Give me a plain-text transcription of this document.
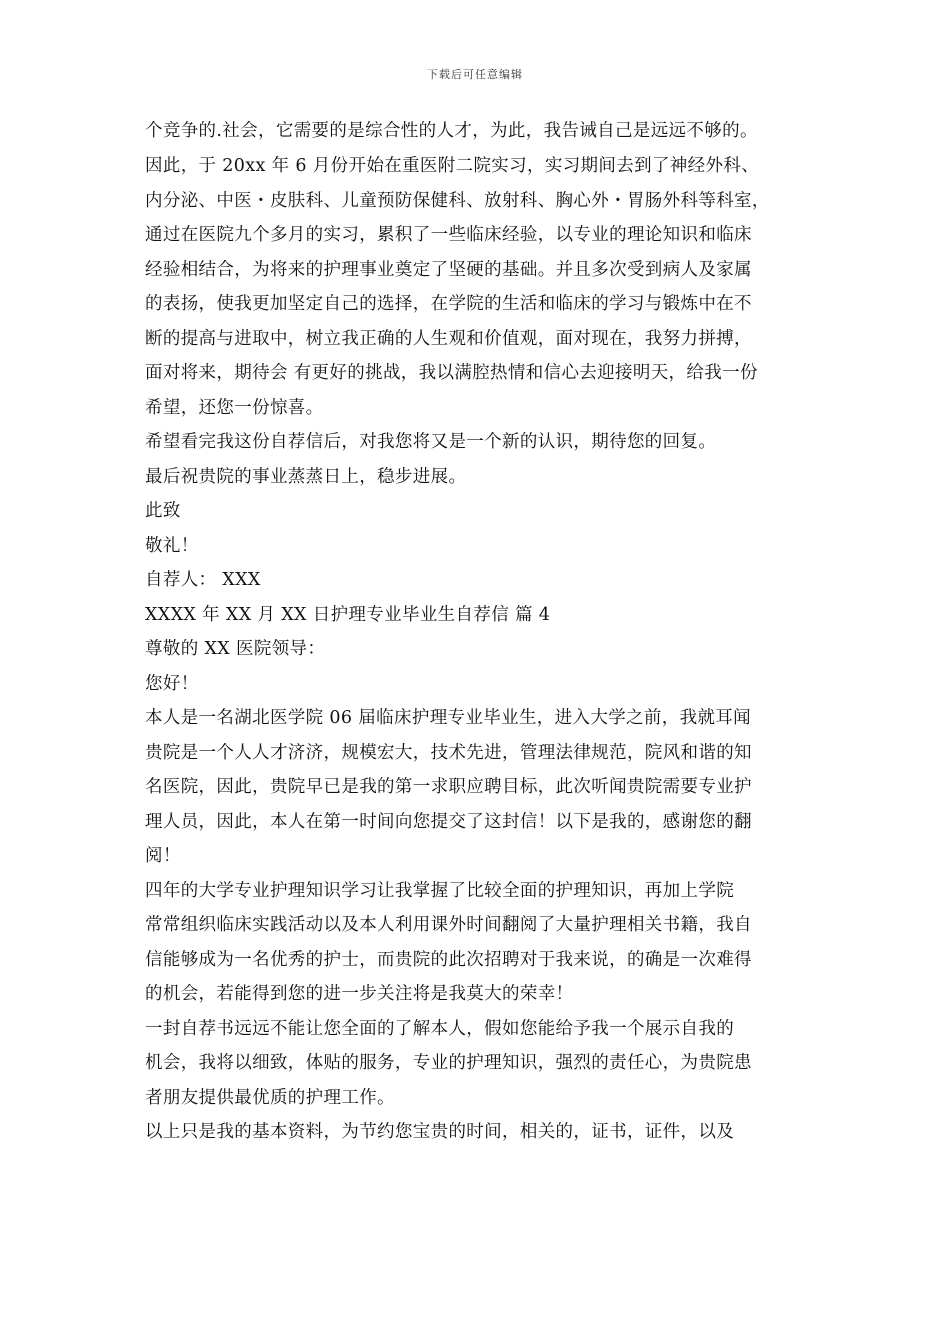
下载后可任意编辑
个竞争的.社会，它需要的是综合性的人才，为此，我告诫自己是远远不够的。
因此，于 20xx 年 6 月份开始在重医附二院实习，实习期间去到了神经外科、
内分泌、中医・皮肤科、儿童预防保健科、放射科、胸心外・胃肠外科等科室，
通过在医院九个多月的实习，累积了一些临床经验，以专业的理论知识和临床
经验相结合，为将来的护理事业奠定了坚硬的基础。并且多次受到病人及家属
的表扬，使我更加坚定自己的选择，在学院的生活和临床的学习与锻炼中在不
断的提高与进取中，树立我正确的人生观和价值观，面对现在，我努力拼搏，
面对将来，期待会 有更好的挑战，我以满腔热情和信心去迎接明天，给我一份
希望，还您一份惊喜。
希望看完我这份自荐信后，对我您将又是一个新的认识，期待您的回复。
最后祝贵院的事业蒸蒸日上，稳步进展。
此致
敬礼！
自荐人： XXX
XXXX 年 XX 月 XX 日护理专业毕业生自荐信 篇 4
尊敬的 XX 医院领导：
您好！
本人是一名湖北医学院 06 届临床护理专业毕业生，进入大学之前，我就耳闻
贵院是一个人人才济济，规模宏大，技术先进，管理法律规范，院风和谐的知
名医院，因此，贵院早已是我的第一求职应聘目标，此次听闻贵院需要专业护
理人员，因此，本人在第一时间向您提交了这封信！以下是我的，感谢您的翻
阅！
四年的大学专业护理知识学习让我掌握了比较全面的护理知识，再加上学院
常常组织临床实践活动以及本人利用课外时间翻阅了大量护理相关书籍，我自
信能够成为一名优秀的护士，而贵院的此次招聘对于我来说，的确是一次难得
的机会，若能得到您的进一步关注将是我莫大的荣幸！
一封自荐书远远不能让您全面的了解本人，假如您能给予我一个展示自我的
机会，我将以细致，体贴的服务，专业的护理知识，强烈的责任心，为贵院患
者朋友提供最优质的护理工作。
以上只是我的基本资料，为节约您宝贵的时间，相关的，证书，证件，以及
